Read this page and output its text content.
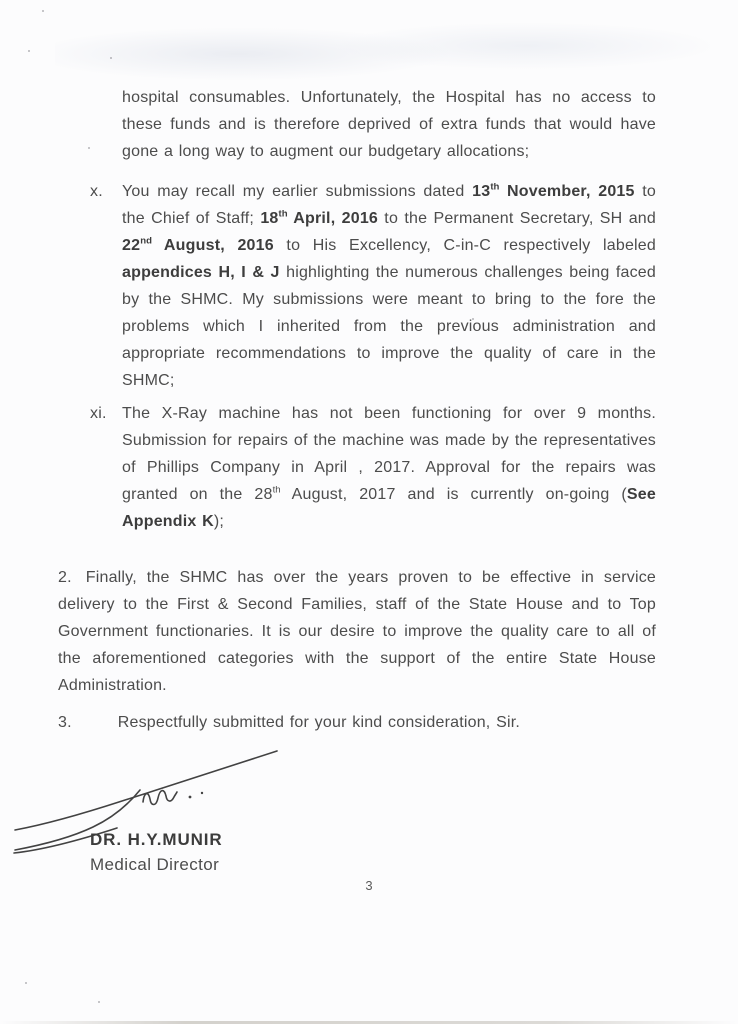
hospital consumables. Unfortunately, the Hospital has no access to these funds and is therefore deprived of extra funds that would have gone a long way to augment our budgetary allocations;

x.	You may recall my earlier submissions dated 13th November, 2015 to the Chief of Staff; 18th April, 2016 to the Permanent Secretary, SH and 22nd August, 2016 to His Excellency, C-in-C respectively labeled appendices H, I & J highlighting the numerous challenges being faced by the SHMC. My submissions were meant to bring to the fore the problems which I inherited from the previous administration and appropriate recommendations to improve the quality of care in the SHMC;

xi. The X-Ray machine has not been functioning for over 9 months. Submission for repairs of the machine was made by the representatives of Phillips Company in April , 2017. Approval for the repairs was granted on the 28th August, 2017 and is currently on-going (See Appendix K);

2. Finally, the SHMC has over the years proven to be effective in service delivery to the First & Second Families, staff of the State House and to Top Government functionaries. It is our desire to improve the quality care to all of the aforementioned categories with the support of the entire State House Administration.

3.	Respectfully submitted for your kind consideration, Sir.

DR. H.Y.MUNIR

Medical Director

3
